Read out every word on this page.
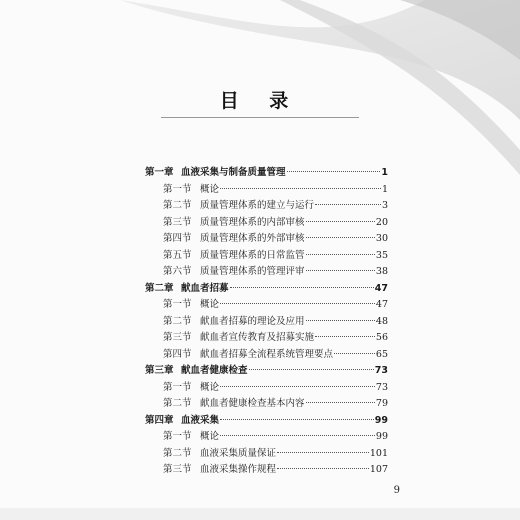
目 录
第一章 血液采集与制备质量管理	1
第一节 概论	1
第二节 质量管理体系的建立与运行	3
第三节 质量管理体系的内部审核	20
第四节 质量管理体系的外部审核	30
第五节 质量管理体系的日常监管	35
第六节 质量管理体系的管理评审	38
第二章 献血者招募	47
第一节 概论	47
第二节 献血者招募的理论及应用	48
第三节 献血者宣传教育及招募实施	56
第四节 献血者招募全流程系统管理要点	65
第三章 献血者健康检查	73
第一节 概论	73
第二节 献血者健康检查基本内容	79
第四章 血液采集	99
第一节 概论	99
第二节 血液采集质量保证	101
第三节 血液采集操作规程	107
9
